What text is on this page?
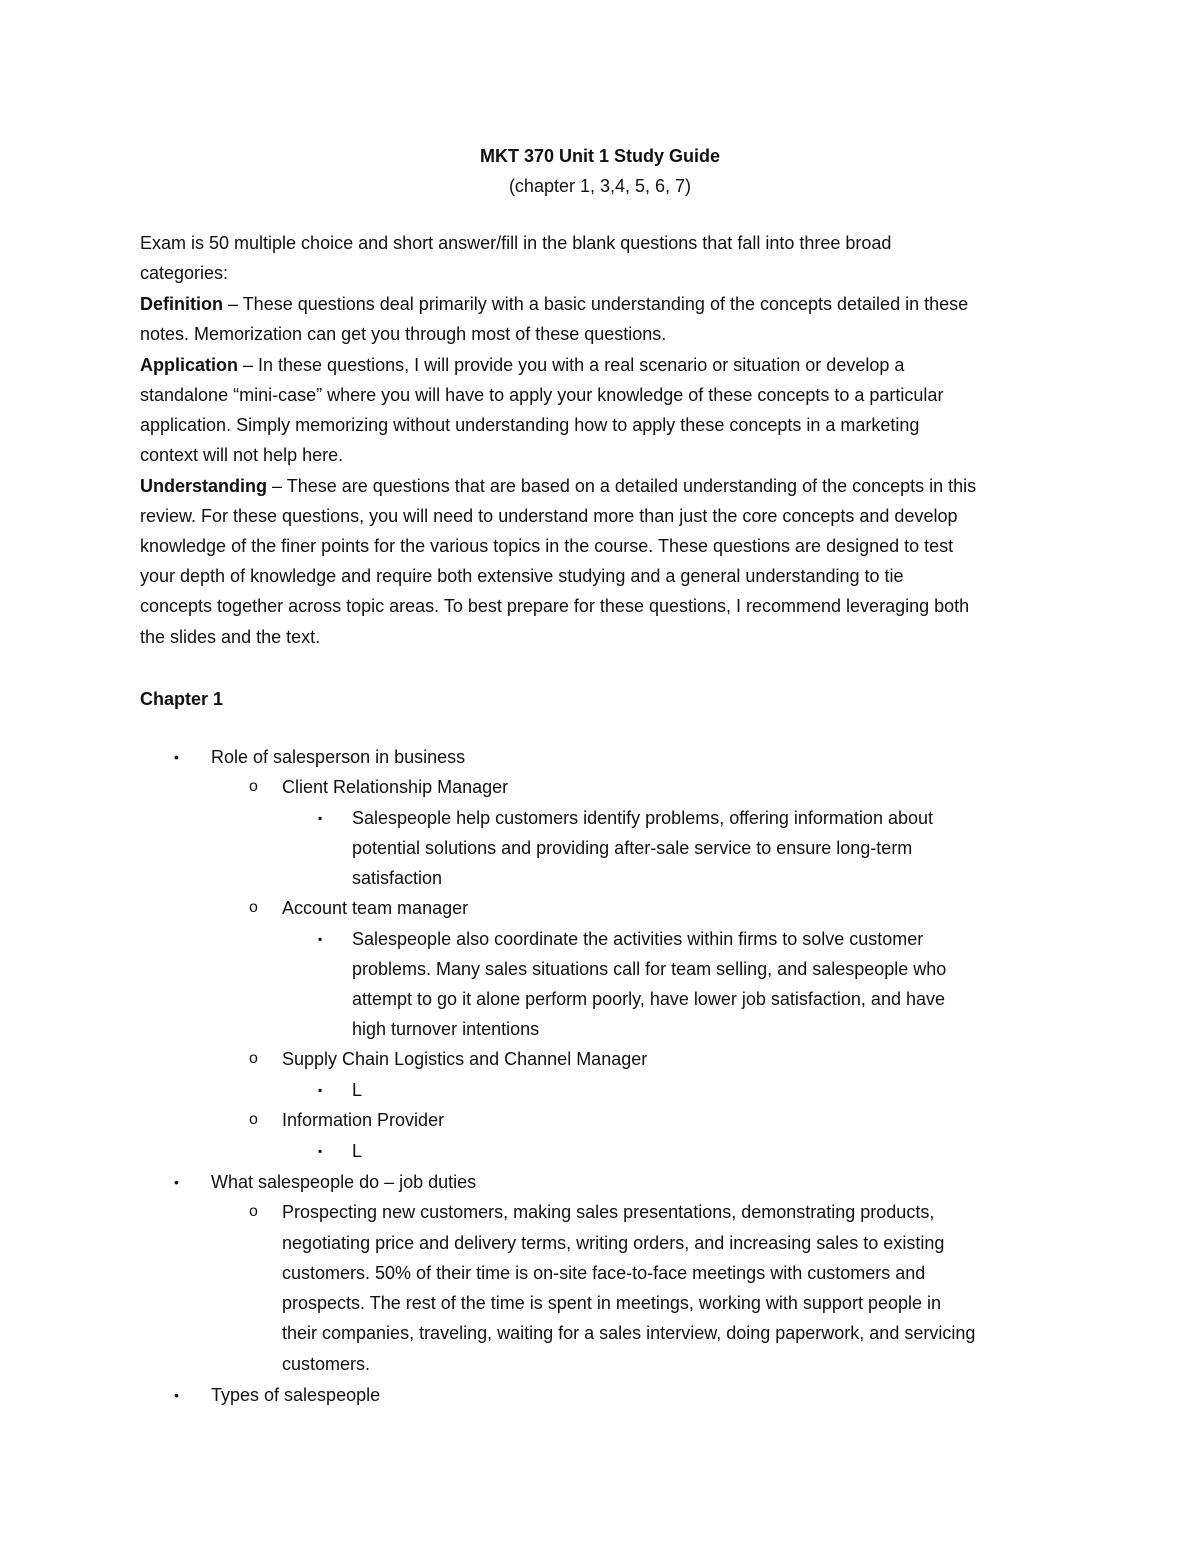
MKT 370 Unit 1 Study Guide
(chapter 1, 3,4, 5, 6, 7)
Exam is 50 multiple choice and short answer/fill in the blank questions that fall into three broad
categories:
Definition – These questions deal primarily with a basic understanding of the concepts detailed in these
notes. Memorization can get you through most of these questions.
Application – In these questions, I will provide you with a real scenario or situation or develop a
standalone “mini-case” where you will have to apply your knowledge of these concepts to a particular
application. Simply memorizing without understanding how to apply these concepts in a marketing
context will not help here.
Understanding – These are questions that are based on a detailed understanding of the concepts in this
review. For these questions, you will need to understand more than just the core concepts and develop
knowledge of the finer points for the various topics in the course. These questions are designed to test
your depth of knowledge and require both extensive studying and a general understanding to tie
concepts together across topic areas. To best prepare for these questions, I recommend leveraging both
the slides and the text.
Chapter 1
• Role of salesperson in business
o Client Relationship Manager
▪ Salespeople help customers identify problems, offering information about
potential solutions and providing after-sale service to ensure long-term
satisfaction
o Account team manager
▪ Salespeople also coordinate the activities within firms to solve customer
problems. Many sales situations call for team selling, and salespeople who
attempt to go it alone perform poorly, have lower job satisfaction, and have
high turnover intentions
o Supply Chain Logistics and Channel Manager
▪ L
o Information Provider
▪ L
• What salespeople do – job duties
o Prospecting new customers, making sales presentations, demonstrating products,
negotiating price and delivery terms, writing orders, and increasing sales to existing
customers. 50% of their time is on-site face-to-face meetings with customers and
prospects. The rest of the time is spent in meetings, working with support people in
their companies, traveling, waiting for a sales interview, doing paperwork, and servicing
customers.
• Types of salespeople
